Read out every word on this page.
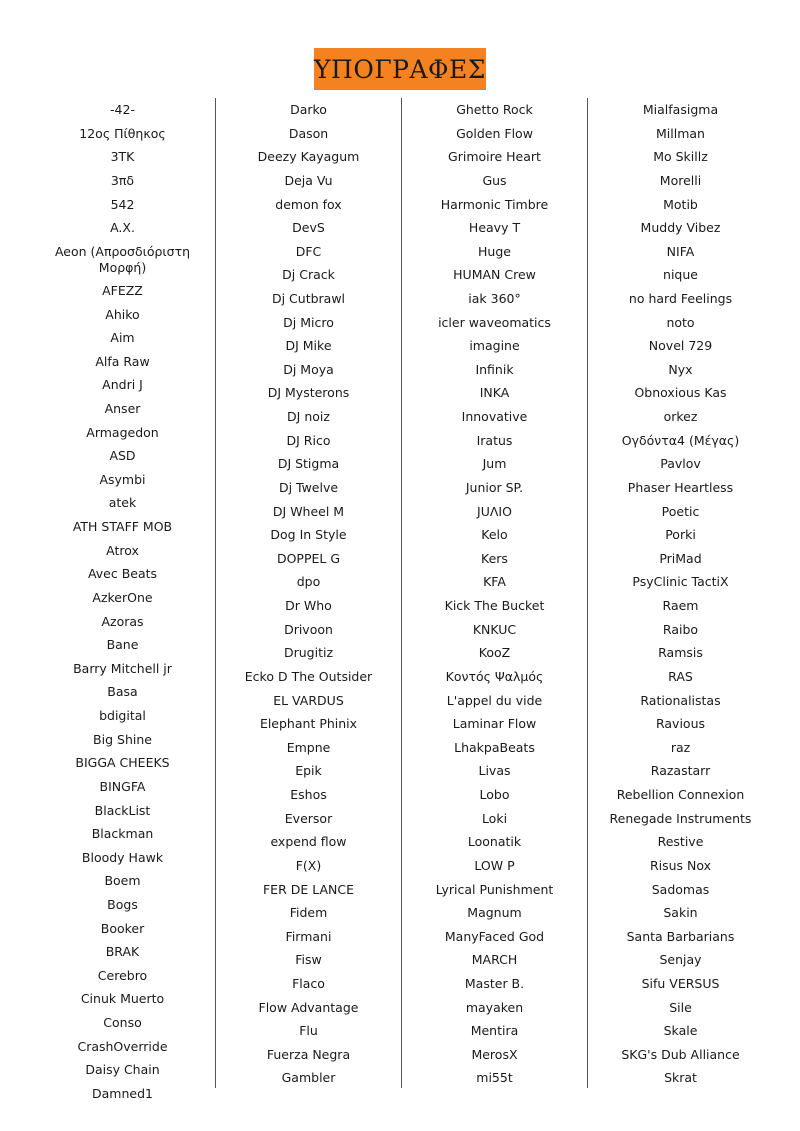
ΥΠΟΓΡΑΦΕΣ
-42-
12ος Πίθηκος
3TK
3πδ
542
A.X.
Aeon (Απροσδιόριστη Μορφή)
AFEZZ
Ahiko
Aim
Alfa Raw
Andri J
Anser
Armagedon
ASD
Asymbi
atek
ATH STAFF MOB
Atrox
Avec Beats
AzkerOne
Azoras
Bane
Barry Mitchell jr
Basa
bdigital
Big Shine
BIGGA CHEEKS
BINGFA
BlackList
Blackman
Bloody Hawk
Boem
Bogs
Booker
BRAK
Cerebro
Cinuk Muerto
Conso
CrashOverride
Daisy Chain
Damned1
Darko
Dason
Deezy Kayagum
Deja Vu
demon fox
DevS
DFC
Dj Crack
Dj Cutbrawl
Dj Micro
DJ Mike
Dj Moya
DJ Mysterons
DJ noiz
DJ Rico
DJ Stigma
Dj Twelve
DJ Wheel M
Dog In Style
DOPPEL G
dpo
Dr Who
Drivoon
Drugitiz
Ecko D The Outsider
EL VARDUS
Elephant Phinix
Empne
Epik
Eshos
Eversor
expend flow
F(X)
FER DE LANCE
Fidem
Firmani
Fisw
Flaco
Flow Advantage
Flu
Fuerza Negra
Gambler
Ghetto Rock
Golden Flow
Grimoire Heart
Gus
Harmonic Timbre
Heavy T
Huge
HUMAN Crew
iak 360°
icler waveomatics
imagine
Infinik
INKA
Innovative
Iratus
Jum
Junior SP.
JUΛIO
Kelo
Kers
KFA
Kick The Bucket
KNKUC
KooZ
Κοντός Ψαλμός
L'appel du vide
Laminar Flow
LhakpaBeats
Livas
Lobo
Loki
Loonatik
LOW P
Lyrical Punishment
Magnum
ManyFaced God
MARCH
Master B.
mayaken
Mentira
MerosX
mi55t
Mialfasigma
Millman
Mo Skillz
Morelli
Motib
Muddy Vibez
NIFA
nique
no hard Feelings
noto
Novel 729
Nyx
Obnoxious Kas
orkez
Ογδόντα4 (Μέγας)
Pavlov
Phaser Heartless
Poetic
Porki
PriMad
PsyClinic TactiX
Raem
Raibo
Ramsis
RAS
Rationalistas
Ravious
raz
Razastarr
Rebellion Connexion
Renegade Instruments
Restive
Risus Nox
Sadomas
Sakin
Santa Barbarians
Senjay
Sifu VERSUS
Sile
Skale
SKG's Dub Alliance
Skrat
